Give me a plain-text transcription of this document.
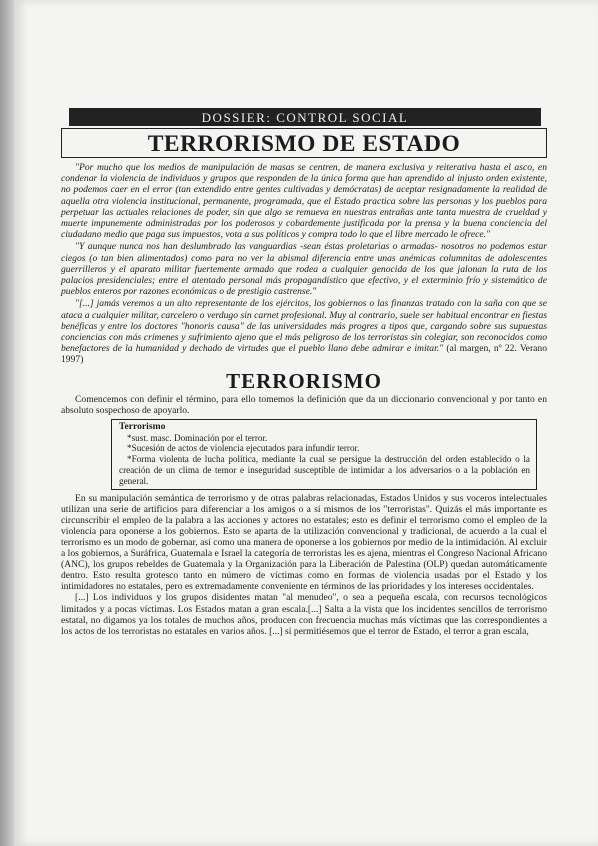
DOSSIER: CONTROL SOCIAL
TERRORISMO DE ESTADO

"Por mucho que los medios de manipulación de masas se centren, de manera exclusiva y reiterativa hasta el asco, en condenar la violencia de individuos y grupos que responden de la única forma que han aprendido al injusto orden existente, no podemos caer en el error (tan extendido entre gentes cultivadas y demócratas) de aceptar resignadamente la realidad de aquella otra violencia institucional, permanente, programada, que el Estado practica sobre las personas y los pueblos para perpetuar las actuales relaciones de poder, sin que algo se remueva en nuestras entrañas ante tanta muestra de crueldad y muerte impunemente administradas por los poderosos y cobardemente justificada por la prensa y la buena conciencia del ciudadano medio que paga sus impuestos, vota a sus políticos y compra todo lo que el libre mercado le ofrece."

"Y aunque nunca nos han deslumbrado las vanguardias -sean éstas proletarias o armadas- nosotros no podemos estar ciegos (o tan bien alimentados) como para no ver la abismal diferencia entre unas anémicas columnitas de adolescentes guerrilleros y el aparato militar fuertemente armado que rodea a cualquier genocida de los que jalonan la ruta de los palacios presidenciales; entre el atentado personal más propagandístico que efectivo, y el exterminio frío y sistemático de pueblos enteros por razones económicas o de prestigio castrense."

"[...] jamás veremos a un alto representante de los ejércitos, los gobiernos o las finanzas tratado con la saña con que se ataca a cualquier militar, carcelero o verdugo sin carnet profesional. Muy al contrario, suele ser habitual encontrar en fiestas benéficas y entre los doctores "honoris causa" de las universidades más progres a tipos que, cargando sobre sus supuestas conciencias con más crímenes y sufrimiento ajeno que el más peligroso de los terroristas sin colegiar, son reconocidos como benefactores de la humanidad y dechado de virtudes que el pueblo llano debe admirar e imitar." (al margen, nº 22. Verano 1997)

TERRORISMO

Comencemos con definir el término, para ello tomemos la definición que da un diccionario convencional y por tanto en absoluto sospechoso de apoyarlo.

Terrorismo
*sust. masc. Dominación por el terror.
*Sucesión de actos de violencia ejecutados para infundir terror.
*Forma violenta de lucha política, mediante la cual se persigue la destrucción del orden establecido o la creación de un clima de temor e inseguridad susceptible de intimidar a los adversarios o a la población en general.

En su manipulación semántica de terrorismo y de otras palabras relacionadas, Estados Unidos y sus voceros intelectuales utilizan una serie de artificios para diferenciar a los amigos o a sí mismos de los "terroristas". Quizás el más importante es circunscribir el empleo de la palabra a las acciones y actores no estatales; esto es definir el terrorismo como el empleo de la violencia para oponerse a los gobiernos. Esto se aparta de la utilización convencional y tradicional, de acuerdo a la cual el terrorismo es un modo de gobernar, así como una manera de oponerse a los gobiernos por medio de la intimidación. Al excluir a los gobiernos, a Suráfrica, Guatemala e Israel la categoría de terroristas les es ajena, mientras el Congreso Nacional Africano (ANC), los grupos rebeldes de Guatemala y la Organización para la Liberación de Palestina (OLP) quedan automáticamente dentro. Esto resulta grotesco tanto en número de víctimas como en formas de violencia usadas por el Estado y los intimidadores no estatales, pero es extremadamente conveniente en términos de las prioridades y los intereses occidentales.

[...] Los individuos y los grupos disidentes matan "al menudeo", o sea a pequeña escala, con recursos tecnológicos limitados y a pocas víctimas. Los Estados matan a gran escala.[...] Salta a la vista que los incidentes sencillos de terrorismo estatal, no digamos ya los totales de muchos años, producen con frecuencia muchas más víctimas que las correspondientes a los actos de los terroristas no estatales en varios años. [...] si permitiésemos que el terror de Estado, el terror a gran escala,
